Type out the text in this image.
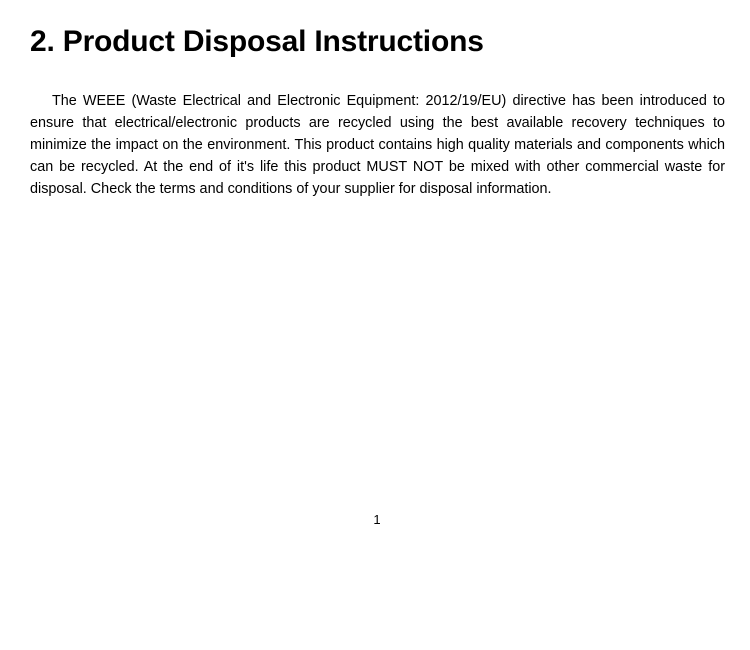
2. Product Disposal Instructions

The WEEE (Waste Electrical and Electronic Equipment: 2012/19/EU) directive has been introduced to ensure that electrical/electronic products are recycled using the best available recovery techniques to minimize the impact on the environment. This product contains high quality materials and components which can be recycled. At the end of it's life this product MUST NOT be mixed with other commercial waste for disposal. Check the terms and conditions of your supplier for disposal information.

1
